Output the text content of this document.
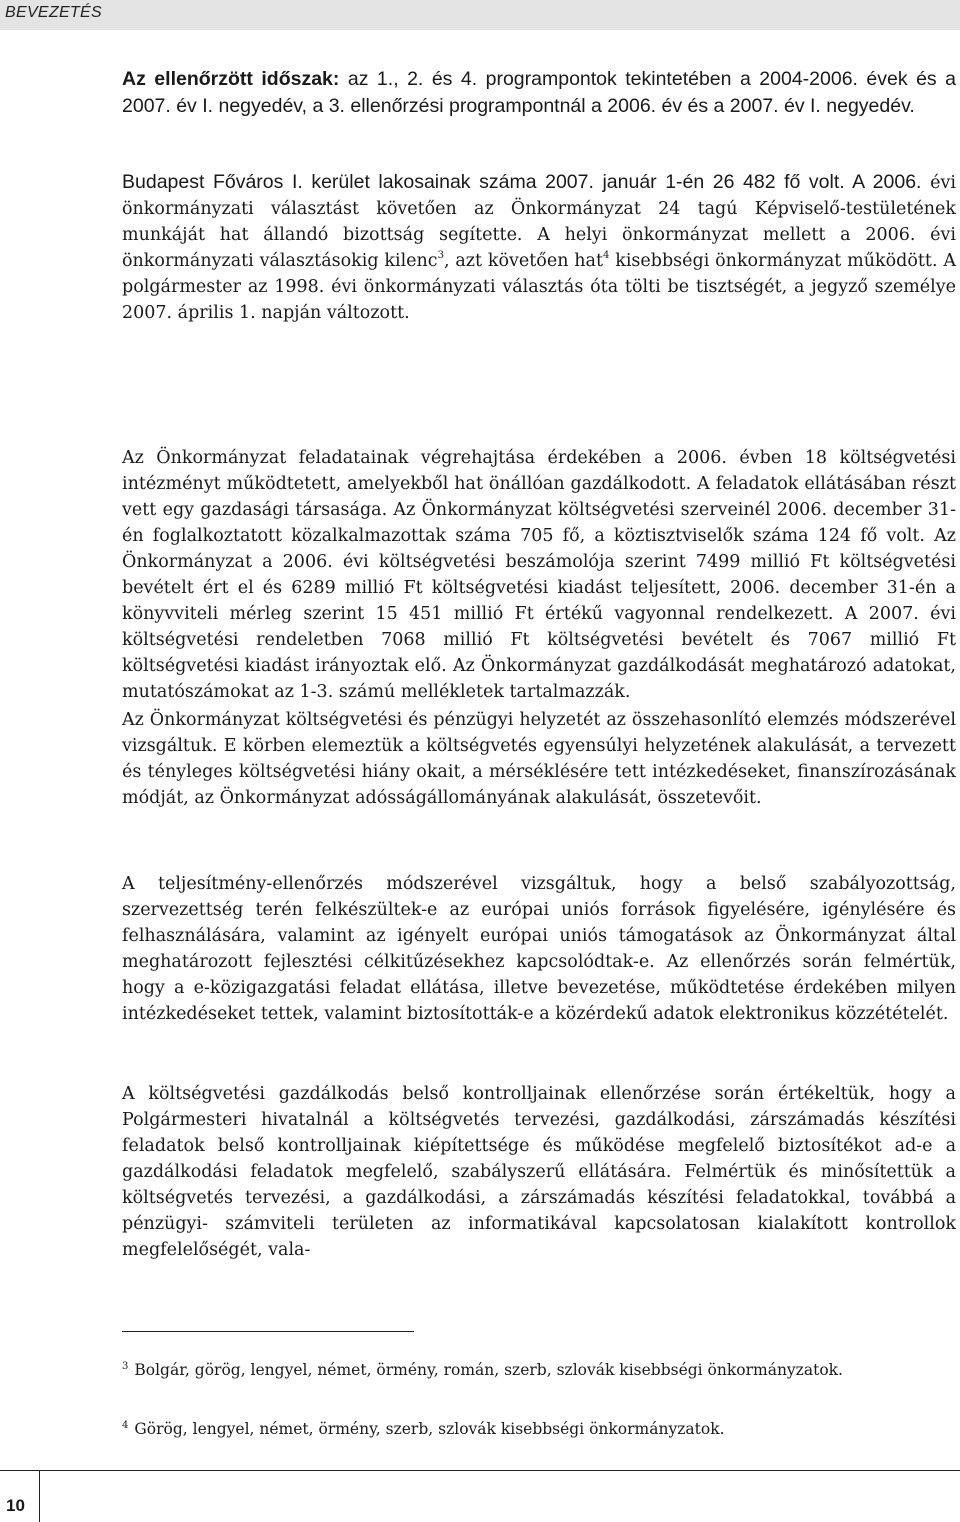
BEVEZETÉS

Az ellenőrzött időszak: az 1., 2. és 4. programpontok tekintetében a 2004-2006. évek és a 2007. év I. negyedév, a 3. ellenőrzési programpontnál a 2006. év és a 2007. év I. negyedév.

Budapest Főváros I. kerület lakosainak száma 2007. január 1-én 26 482 fő volt. A 2006. évi önkormányzati választást követően az Önkormányzat 24 tagú Képviselő-testületének munkáját hat állandó bizottság segítette. A helyi önkormányzat mellett a 2006. évi önkormányzati választásokig kilenc$^3$, azt követően hat$^4$ kisebbségi önkormányzat működött. A polgármester az 1998. évi önkormányzati választás óta tölti be tisztségét, a jegyző személye 2007. április 1. napján változott.

Az Önkormányzat feladatainak végrehajtása érdekében a 2006. évben 18 költségvetési intézményt működtetett, amelyekből hat önállóan gazdálkodott. A feladatok ellátásában részt vett egy gazdasági társasága. Az Önkormányzat költségvetési szerveinél 2006. december 31-én foglalkoztatott közalkalmazottak száma 705 fő, a köztisztviselők száma 124 fő volt. Az Önkormányzat a 2006. évi költségvetési beszámolója szerint 7499 millió Ft költségvetési bevételt ért el és 6289 millió Ft költségvetési kiadást teljesített, 2006. december 31-én a könyvviteli mérleg szerint 15 451 millió Ft értékű vagyonnal rendelkezett. A 2007. évi költségvetési rendeletben 7068 millió Ft költségvetési bevételt és 7067 millió Ft költségvetési kiadást irányoztak elő. Az Önkormányzat gazdálkodását meghatározó adatokat, mutatószámokat az 1-3. számú mellékletek tartalmazzák.

Az Önkormányzat költségvetési és pénzügyi helyzetét az összehasonlító elemzés módszerével vizsgáltuk. E körben elemeztük a költségvetés egyensúlyi helyzetének alakulását, a tervezett és tényleges költségvetési hiány okait, a mérséklésére tett intézkedéseket, finanszírozásának módját, az Önkormányzat adósságállományának alakulását, összetevőit.

A teljesítmény-ellenőrzés módszerével vizsgáltuk, hogy a belső szabályozottság, szervezettség terén felkészültek-e az európai uniós források figyelésére, igénylésére és felhasználására, valamint az igényelt európai uniós támogatások az Önkormányzat által meghatározott fejlesztési célkitűzésekhez kapcsolódtak-e. Az ellenőrzés során felmértük, hogy a e-közigazgatási feladat ellátása, illetve bevezetése, működtetése érdekében milyen intézkedéseket tettek, valamint biztosították-e a közérdekű adatok elektronikus közzétételét.

A költségvetési gazdálkodás belső kontrolljainak ellenőrzése során értékeltük, hogy a Polgármesteri hivatalnál a költségvetés tervezési, gazdálkodási, zárszámadás készítési feladatok belső kontrolljainak kiépítettsége és működése megfelelő biztosítékot ad-e a gazdálkodási feladatok megfelelő, szabályszerű ellátására. Felmértük és minősítettük a költségvetés tervezési, a gazdálkodási, a zárszámadás készítési feladatokkal, továbbá a pénzügyi- számviteli területen az informatikával kapcsolatosan kialakított kontrollok megfelelőségét, vala-

$^3$ Bolgár, görög, lengyel, német, örmény, román, szerb, szlovák kisebbségi önkormányzatok.

$^4$ Görög, lengyel, német, örmény, szerb, szlovák kisebbségi önkormányzatok.

10
